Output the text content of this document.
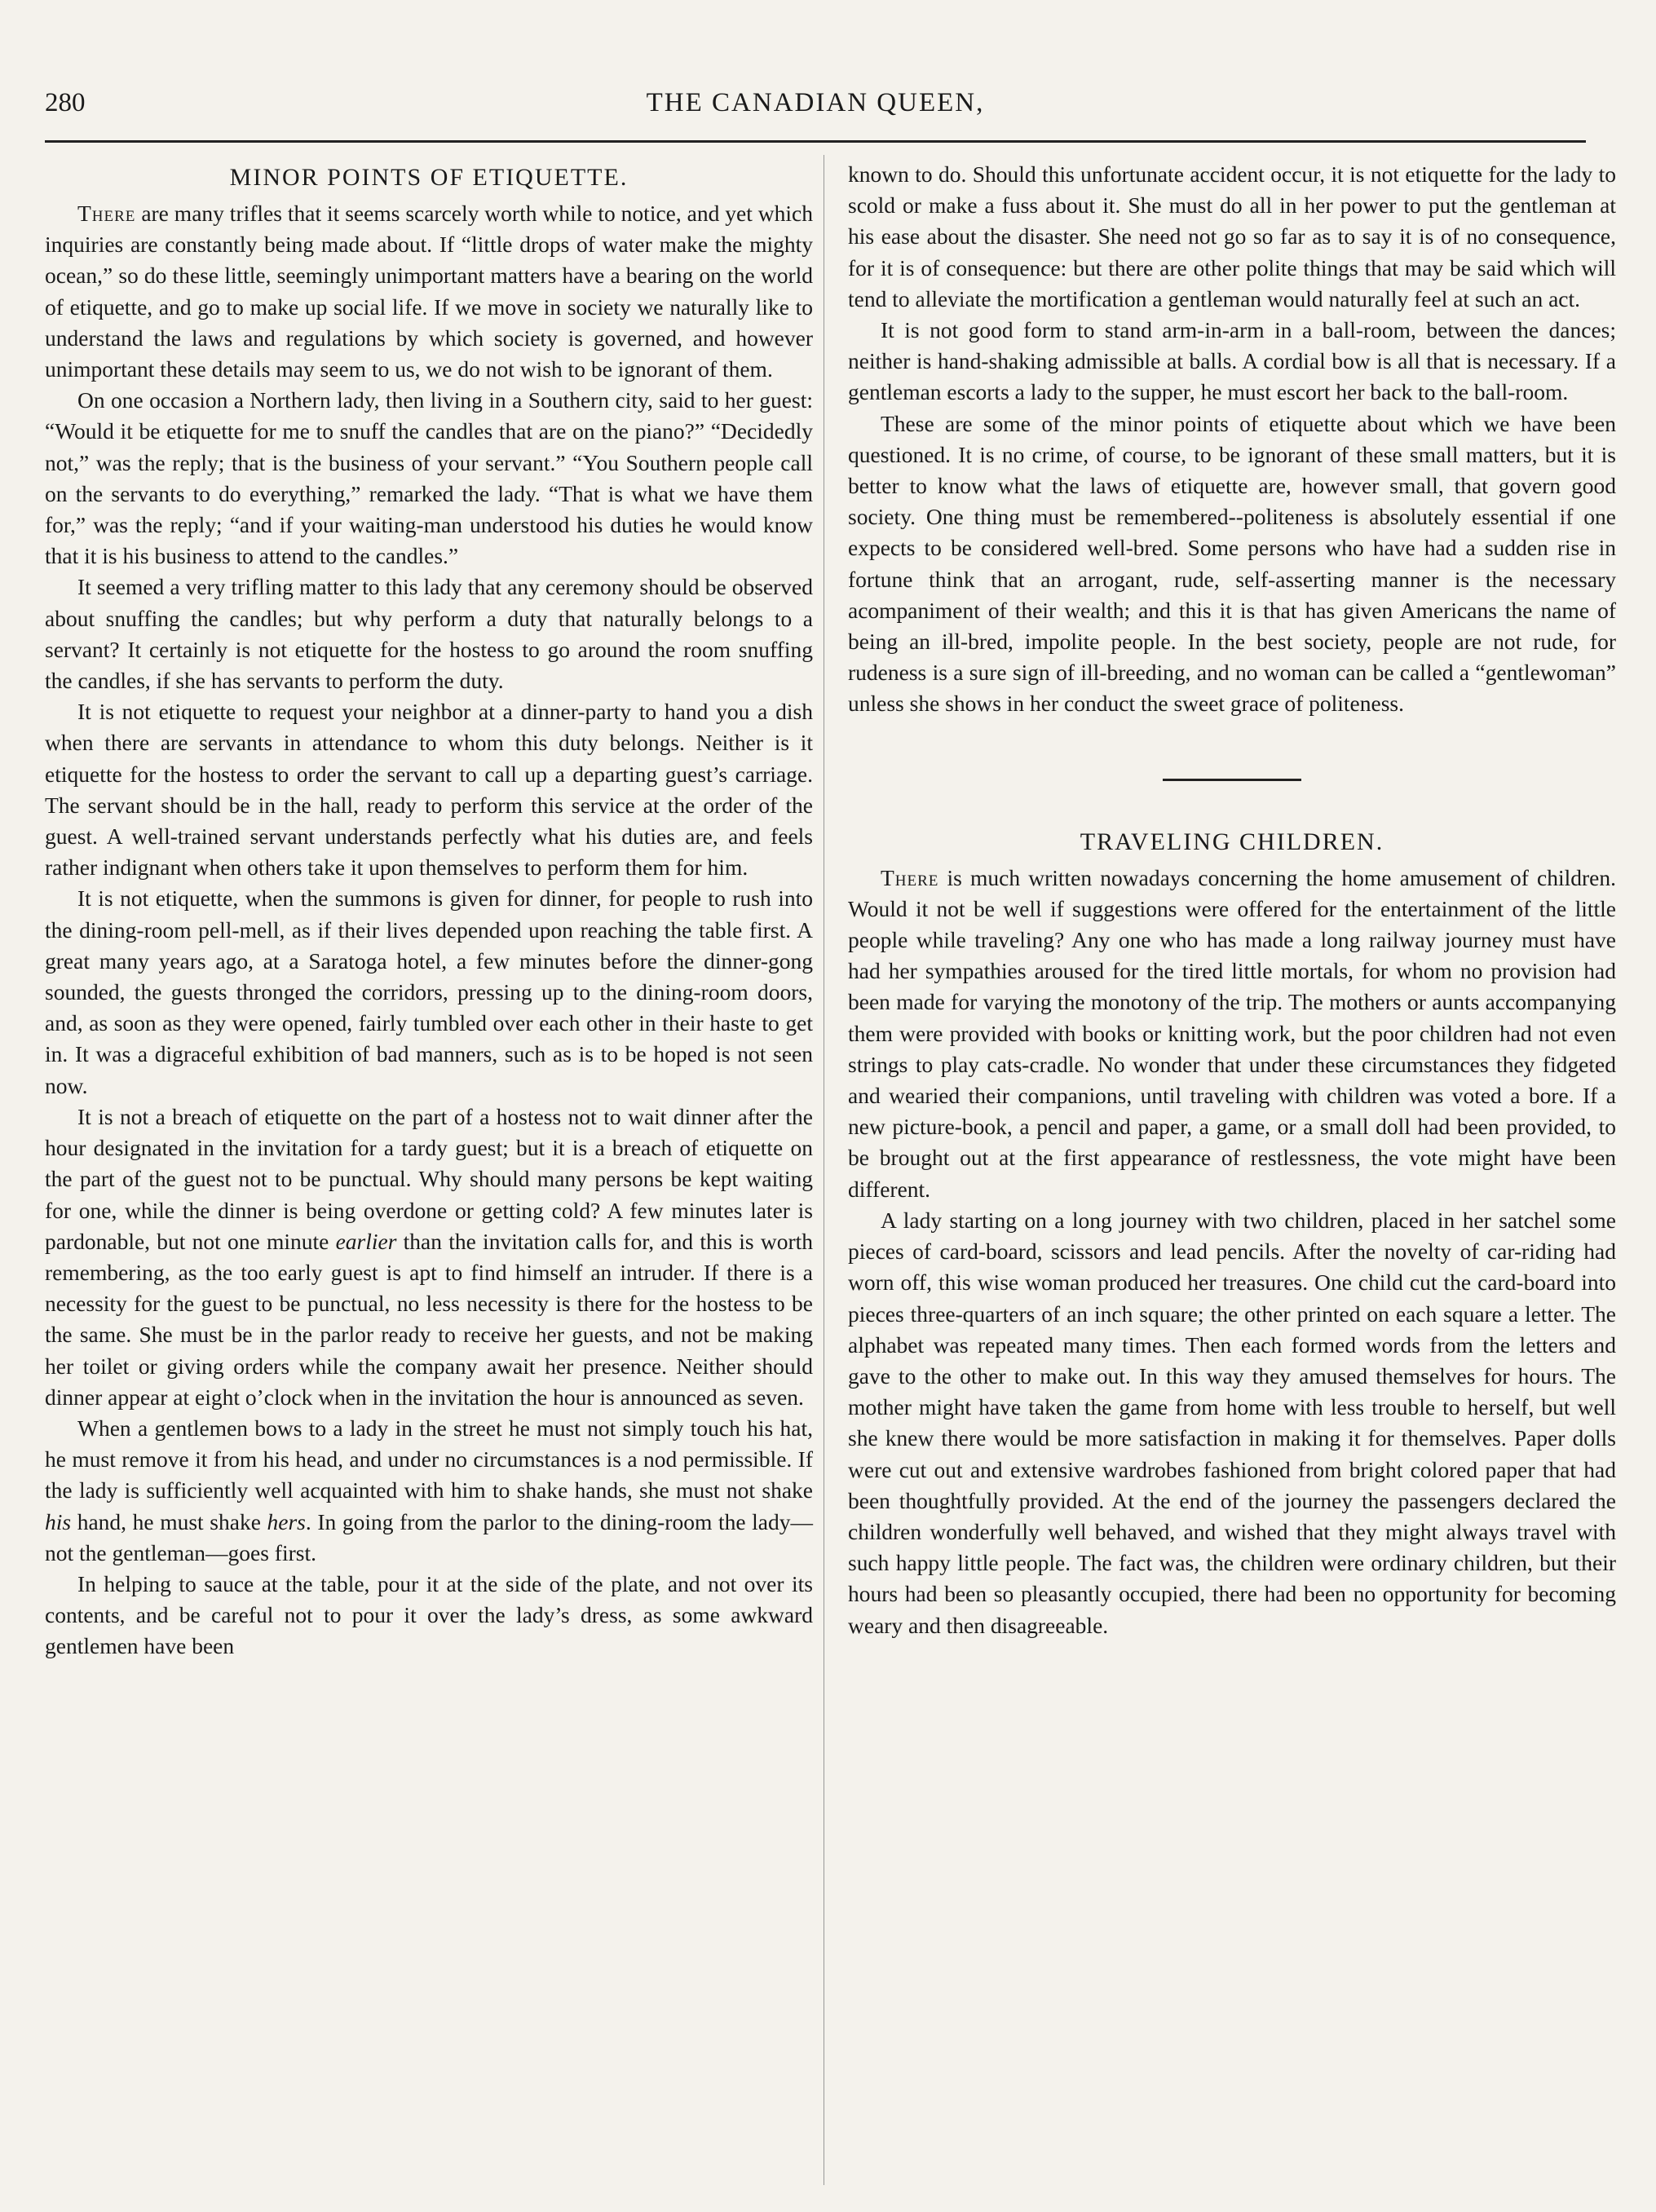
280	THE CANADIAN QUEEN,
MINOR POINTS OF ETIQUETTE.

There are many trifles that it seems scarcely worth while to notice, and yet which inquiries are constantly being made about. If “little drops of water make the mighty ocean,” so do these little, seemingly unimportant matters have a bearing on the world of etiquette, and go to make up social life. If we move in society we naturally like to understand the laws and regulations by which society is governed, and however unimportant these details may seem to us, we do not wish to be ignorant of them.

On one occasion a Northern lady, then living in a Southern city, said to her guest: “Would it be etiquette for me to snuff the candles that are on the piano?” “Decidedly not,” was the reply; that is the business of your servant.” “You Southern people call on the servants to do everything,” remarked the lady. “That is what we have them for,” was the reply; “and if your waiting-man understood his duties he would know that it is his business to attend to the candles.”

It seemed a very trifling matter to this lady that any ceremony should be observed about snuffing the candles; but why perform a duty that naturally belongs to a servant? It certainly is not etiquette for the hostess to go around the room snuffing the candles, if she has servants to perform the duty.

It is not etiquette to request your neighbor at a dinner-party to hand you a dish when there are servants in attendance to whom this duty belongs. Neither is it etiquette for the hostess to order the servant to call up a departing guest’s carriage. The servant should be in the hall, ready to perform this service at the order of the guest. A well-trained servant understands perfectly what his duties are, and feels rather indignant when others take it upon themselves to perform them for him.

It is not etiquette, when the summons is given for dinner, for people to rush into the dining-room pell-mell, as if their lives depended upon reaching the table first. A great many years ago, at a Saratoga hotel, a few minutes before the dinner-gong sounded, the guests thronged the corridors, pressing up to the dining-room doors, and, as soon as they were opened, fairly tumbled over each other in their haste to get in. It was a digraceful exhibition of bad manners, such as is to be hoped is not seen now.

It is not a breach of etiquette on the part of a hostess not to wait dinner after the hour designated in the invitation for a tardy guest; but it is a breach of etiquette on the part of the guest not to be punctual. Why should many persons be kept waiting for one, while the dinner is being overdone or getting cold? A few minutes later is pardonable, but not one minute earlier than the invitation calls for, and this is worth remembering, as the too early guest is apt to find himself an intruder. If there is a necessity for the guest to be punctual, no less necessity is there for the hostess to be the same. She must be in the parlor ready to receive her guests, and not be making her toilet or giving orders while the company await her presence. Neither should dinner appear at eight o’clock when in the invitation the hour is announced as seven.

When a gentlemen bows to a lady in the street he must not simply touch his hat, he must remove it from his head, and under no circumstances is a nod permissible. If the lady is sufficiently well acquainted with him to shake hands, she must not shake his hand, he must shake hers. In going from the parlor to the dining-room the lady—not the gentleman—goes first.

In helping to sauce at the table, pour it at the side of the plate, and not over its contents, and be careful not to pour it over the lady’s dress, as some awkward gentlemen have been

known to do. Should this unfortunate accident occur, it is not etiquette for the lady to scold or make a fuss about it. She must do all in her power to put the gentleman at his ease about the disaster. She need not go so far as to say it is of no consequence, for it is of consequence: but there are other polite things that may be said which will tend to alleviate the mortification a gentleman would naturally feel at such an act.

It is not good form to stand arm-in-arm in a ball-room, between the dances; neither is hand-shaking admissible at balls. A cordial bow is all that is necessary. If a gentleman escorts a lady to the supper, he must escort her back to the ball-room.

These are some of the minor points of etiquette about which we have been questioned. It is no crime, of course, to be ignorant of these small matters, but it is better to know what the laws of etiquette are, however small, that govern good society. One thing must be remembered--politeness is absolutely essential if one expects to be considered well-bred. Some persons who have had a sudden rise in fortune think that an arrogant, rude, self-asserting manner is the necessary acompaniment of their wealth; and this it is that has given Americans the name of being an ill-bred, impolite people. In the best society, people are not rude, for rudeness is a sure sign of ill-breeding, and no woman can be called a “gentlewoman” unless she shows in her conduct the sweet grace of politeness.

TRAVELING CHILDREN.

There is much written nowadays concerning the home amusement of children. Would it not be well if suggestions were offered for the entertainment of the little people while traveling? Any one who has made a long railway journey must have had her sympathies aroused for the tired little mortals, for whom no provision had been made for varying the monotony of the trip. The mothers or aunts accompanying them were provided with books or knitting work, but the poor children had not even strings to play cats-cradle. No wonder that under these circumstances they fidgeted and wearied their companions, until traveling with children was voted a bore. If a new picture-book, a pencil and paper, a game, or a small doll had been provided, to be brought out at the first appearance of restlessness, the vote might have been different.

A lady starting on a long journey with two children, placed in her satchel some pieces of card-board, scissors and lead pencils. After the novelty of car-riding had worn off, this wise woman produced her treasures. One child cut the card-board into pieces three-quarters of an inch square; the other printed on each square a letter. The alphabet was repeated many times. Then each formed words from the letters and gave to the other to make out. In this way they amused themselves for hours. The mother might have taken the game from home with less trouble to herself, but well she knew there would be more satisfaction in making it for themselves. Paper dolls were cut out and extensive wardrobes fashioned from bright colored paper that had been thoughtfully provided. At the end of the journey the passengers declared the children wonderfully well behaved, and wished that they might always travel with such happy little people. The fact was, the children were ordinary children, but their hours had been so pleasantly occupied, there had been no opportunity for becoming weary and then disagreeable.
